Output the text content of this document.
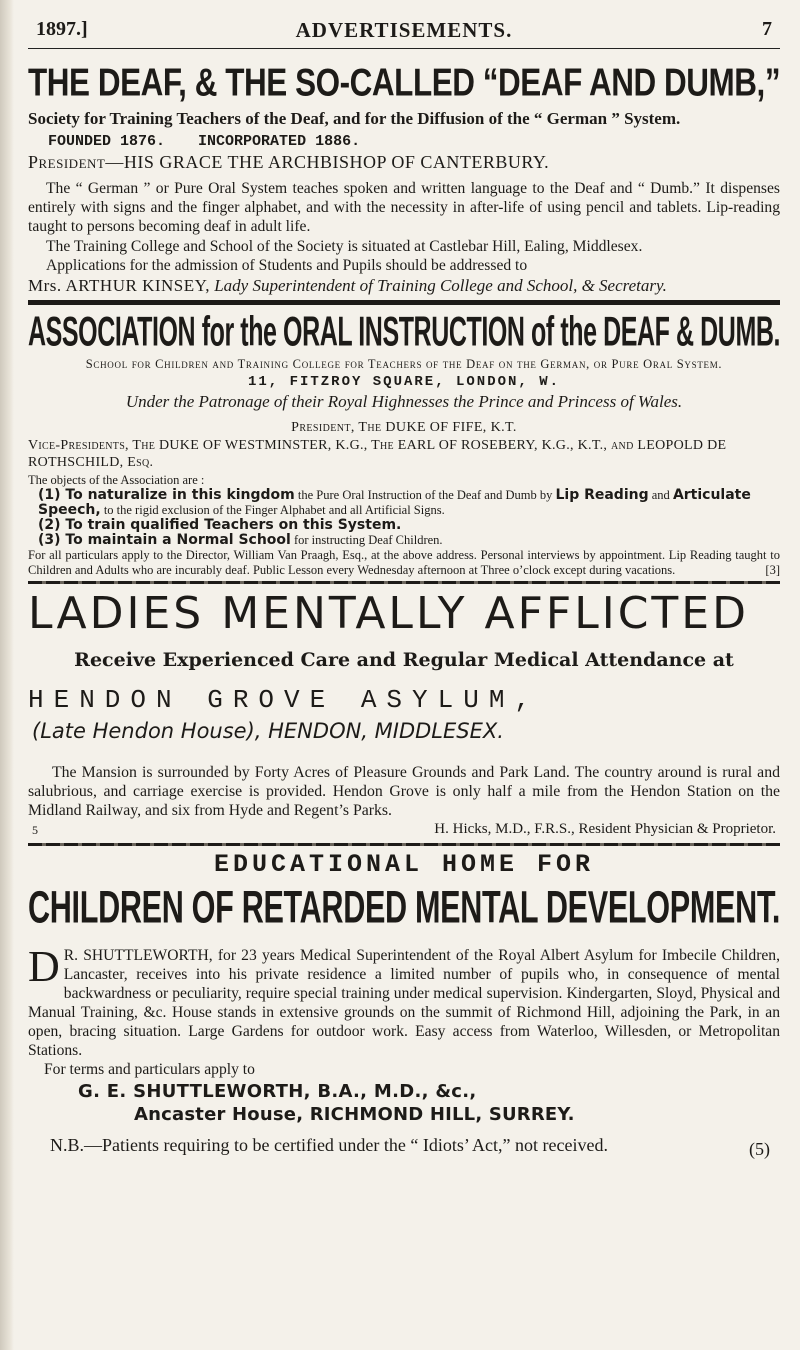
1897.]	ADVERTISEMENTS.	7
THE DEAF, & THE SO-CALLED “DEAF AND DUMB,”
Society for Training Teachers of the Deaf, and for the Diffusion of the “ German ” System.
FOUNDED 1876. INCORPORATED 1886.
President—HIS GRACE THE ARCHBISHOP OF CANTERBURY.
The “ German ” or Pure Oral System teaches spoken and written language to the Deaf and “ Dumb.” It dispenses entirely with signs and the finger alphabet, and with the necessity in after-life of using pencil and tablets. Lip-reading taught to persons becoming deaf in adult life.
The Training College and School of the Society is situated at Castlebar Hill, Ealing, Middlesex.
Applications for the admission of Students and Pupils should be addressed to
Mrs. ARTHUR KINSEY, Lady Superintendent of Training College and School, & Secretary.
ASSOCIATION for the ORAL INSTRUCTION of the DEAF & DUMB.
School for Children and Training College for Teachers of the Deaf on the German, or Pure Oral System.
11, FITZROY SQUARE, LONDON, W.
Under the Patronage of their Royal Highnesses the Prince and Princess of Wales.
President, The DUKE OF FIFE, K.T.
Vice-Presidents, The DUKE OF WESTMINSTER, K.G., The EARL OF ROSEBERY, K.G., K.T., and LEOPOLD DE ROTHSCHILD, Esq.
The objects of the Association are :
(1) To naturalize in this kingdom the Pure Oral Instruction of the Deaf and Dumb by Lip Reading and Articulate Speech, to the rigid exclusion of the Finger Alphabet and all Artificial Signs.
(2) To train qualified Teachers on this System.
(3) To maintain a Normal School for instructing Deaf Children.
For all particulars apply to the Director, William Van Praagh, Esq., at the above address. Personal interviews by appointment. Lip Reading taught to Children and Adults who are incurably deaf. Public Lesson every Wednesday afternoon at Three o’clock except during vacations.	[3]
LADIES MENTALLY AFFLICTED
Receive Experienced Care and Regular Medical Attendance at
HENDON GROVE ASYLUM,
(Late Hendon House), HENDON, MIDDLESEX.
The Mansion is surrounded by Forty Acres of Pleasure Grounds and Park Land. The country around is rural and salubrious, and carriage exercise is provided. Hendon Grove is only half a mile from the Hendon Station on the Midland Railway, and six from Hyde and Regent’s Parks.
5	H. Hicks, M.D., F.R.S., Resident Physician & Proprietor.
EDUCATIONAL HOME FOR
CHILDREN OF RETARDED MENTAL DEVELOPMENT.
D R. SHUTTLEWORTH, for 23 years Medical Superintendent of the Royal Albert Asylum for Imbecile Children, Lancaster, receives into his private residence a limited number of pupils who, in consequence of mental backwardness or peculiarity, require special training under medical supervision. Kindergarten, Sloyd, Physical and Manual Training, &c. House stands in extensive grounds on the summit of Richmond Hill, adjoining the Park, in an open, bracing situation. Large Gardens for outdoor work. Easy access from Waterloo, Willesden, or Metropolitan Stations.
For terms and particulars apply to
G. E. SHUTTLEWORTH, B.A., M.D., &c.,
Ancaster House, RICHMOND HILL, SURREY.
N.B.—Patients requiring to be certified under the “ Idiots’ Act,” not received.	(5)
